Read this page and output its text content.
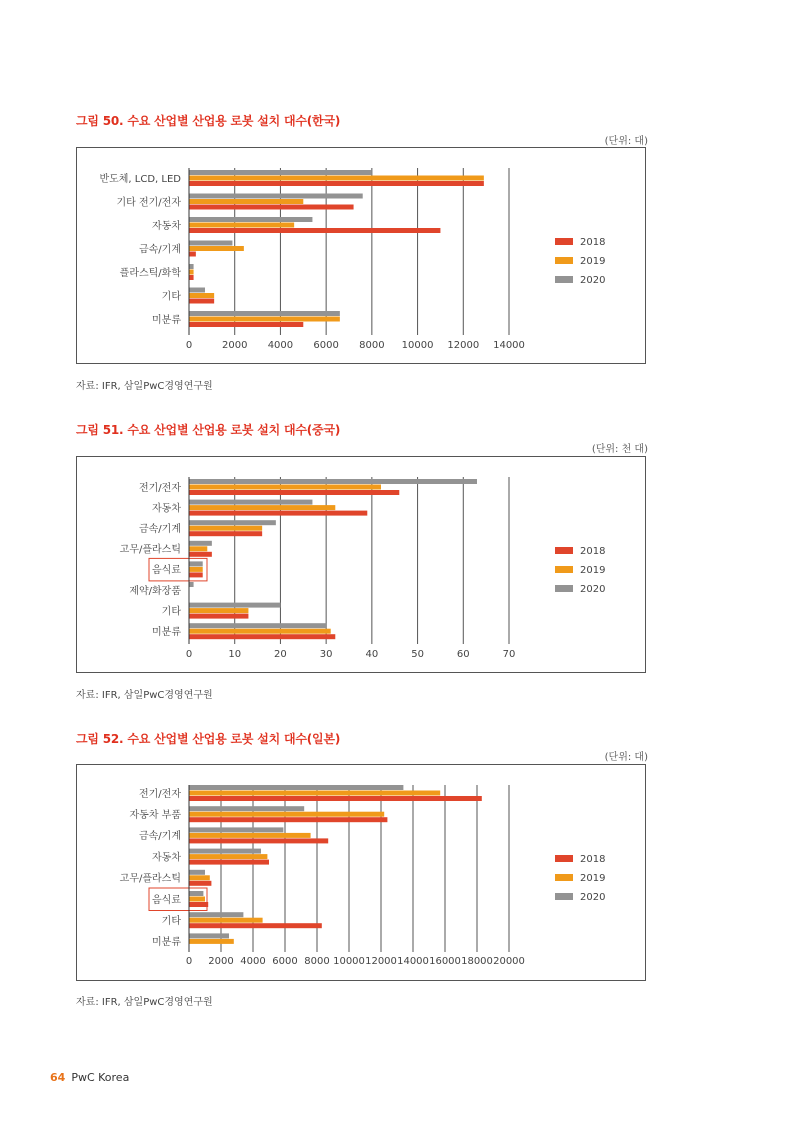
그림 50. 수요 산업별 산업용 로봇 설치 대수(한국)
(단위: 대)
0	2000 4000 6000 8000 10000 12000 14000
반도체, LCD, LED
기타 전기/전자
자동차
금속/기계
플라스틱/화학
기타
미분류
2018
2019
2020
자료: IFR, 삼일PwC경영연구원
그림 51. 수요 산업별 산업용 로봇 설치 대수(중국)
(단위: 천 대)
0	10	20	30	40	50	60	70
전기/전자
자동차
금속/기계
고무/플라스틱
음식료
제약/화장품
기타
미분류
2018
2019
2020
자료: IFR, 삼일PwC경영연구원
그림 52. 수요 산업별 산업용 로봇 설치 대수(일본)
(단위: 대)
0 2000 4000 6000 8000 10000 12000 14000 16000 18000 20000
전기/전자
자동차 부품
금속/기계
자동차
고무/플라스틱
음식료
기타
미분류
2018
2019
2020
자료: IFR, 삼일PwC경영연구원
64 PwC Korea
